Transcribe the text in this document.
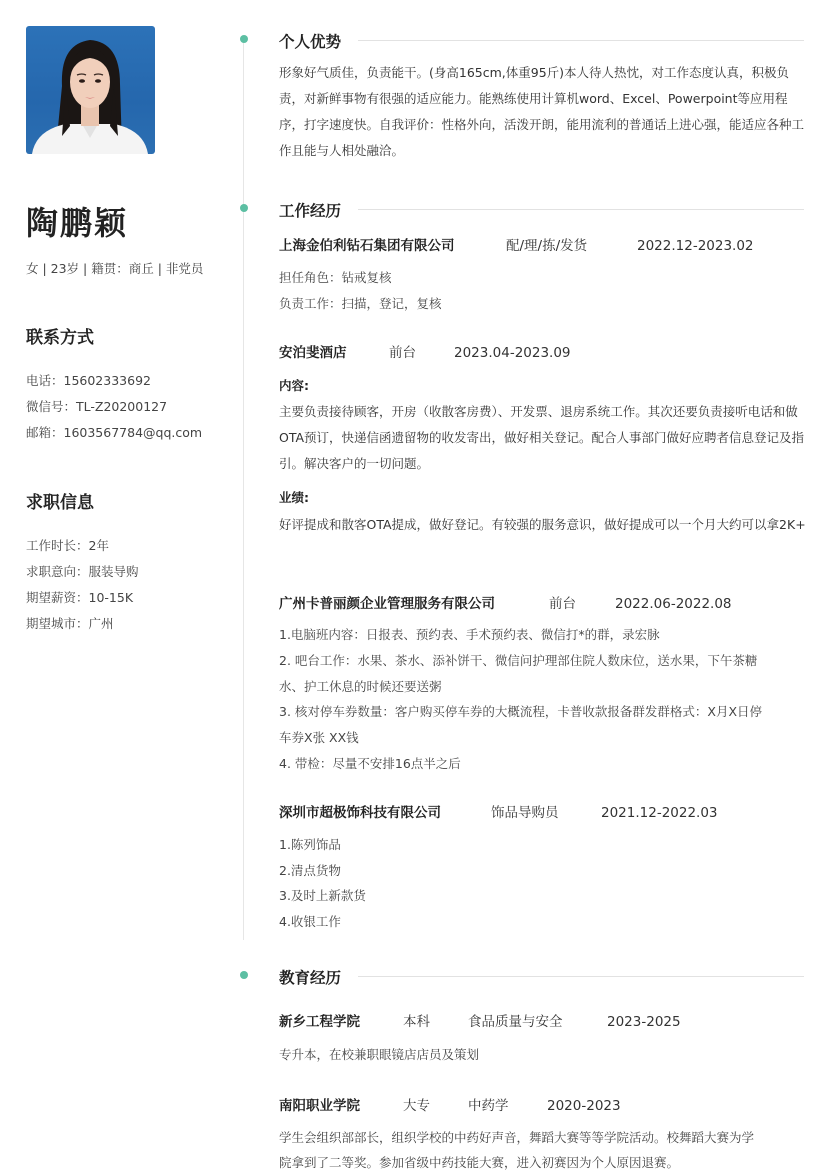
陶鹏颖
女 | 23岁 | 籍贯：商丘 | 非党员
联系方式
电话：15602333692
微信号：TL-Z20200127
邮箱：1603567784@qq.com
求职信息
工作时长：2年
求职意向：服装导购
期望薪资：10-15K
期望城市：广州
个人优势
形象好气质佳，负责能干。(身高165cm,体重95斤)本人待人热忱，对工作态度认真，积极负责，对新鲜事物有很强的适应能力。能熟练使用计算机word、Excel、Powerpoint等应用程序，打字速度快。自我评价：性格外向，活泼开朗，能用流利的普通话上进心强，能适应各种工作且能与人相处融洽。
工作经历
上海金伯利钻石集团有限公司	配/理/拣/发货	2022.12-2023.02
担任角色：钻戒复核
负责工作：扫描，登记，复核
安泊斐酒店	前台	2023.04-2023.09
内容:
主要负责接待顾客，开房（收散客房费）、开发票、退房系统工作。其次还要负责接听电话和做OTA预订，快递信函遗留物的收发寄出，做好相关登记。配合人事部门做好应聘者信息登记及指引。解决客户的一切问题。
业绩:
好评提成和散客OTA提成，做好登记。有较强的服务意识，做好提成可以一个月大约可以拿2K+
广州卡普丽颜企业管理服务有限公司	前台	2022.06-2022.08
1.电脑班内容：日报表、预约表、手术预约表、微信打*的群，录宏脉
2. 吧台工作：水果、茶水、添补饼干、微信问护理部住院人数床位，送水果，下午茶糖
水、护工休息的时候还要送粥
3. 核对停车券数量：客户购买停车券的大概流程，卡普收款报备群发群格式：X月X日停
车券X张 XX钱
4. 带检：尽量不安排16点半之后
深圳市超极饰科技有限公司	饰品导购员	2021.12-2022.03
1.陈列饰品
2.清点货物
3.及时上新款货
4.收银工作
教育经历
新乡工程学院	本科	食品质量与安全	2023-2025
专升本，在校兼职眼镜店店员及策划
南阳职业学院	大专	中药学	2020-2023
学生会组织部部长，组织学校的中药好声音，舞蹈大赛等等学院活动。校舞蹈大赛为学
院拿到了二等奖。参加省级中药技能大赛，进入初赛因为个人原因退赛。
